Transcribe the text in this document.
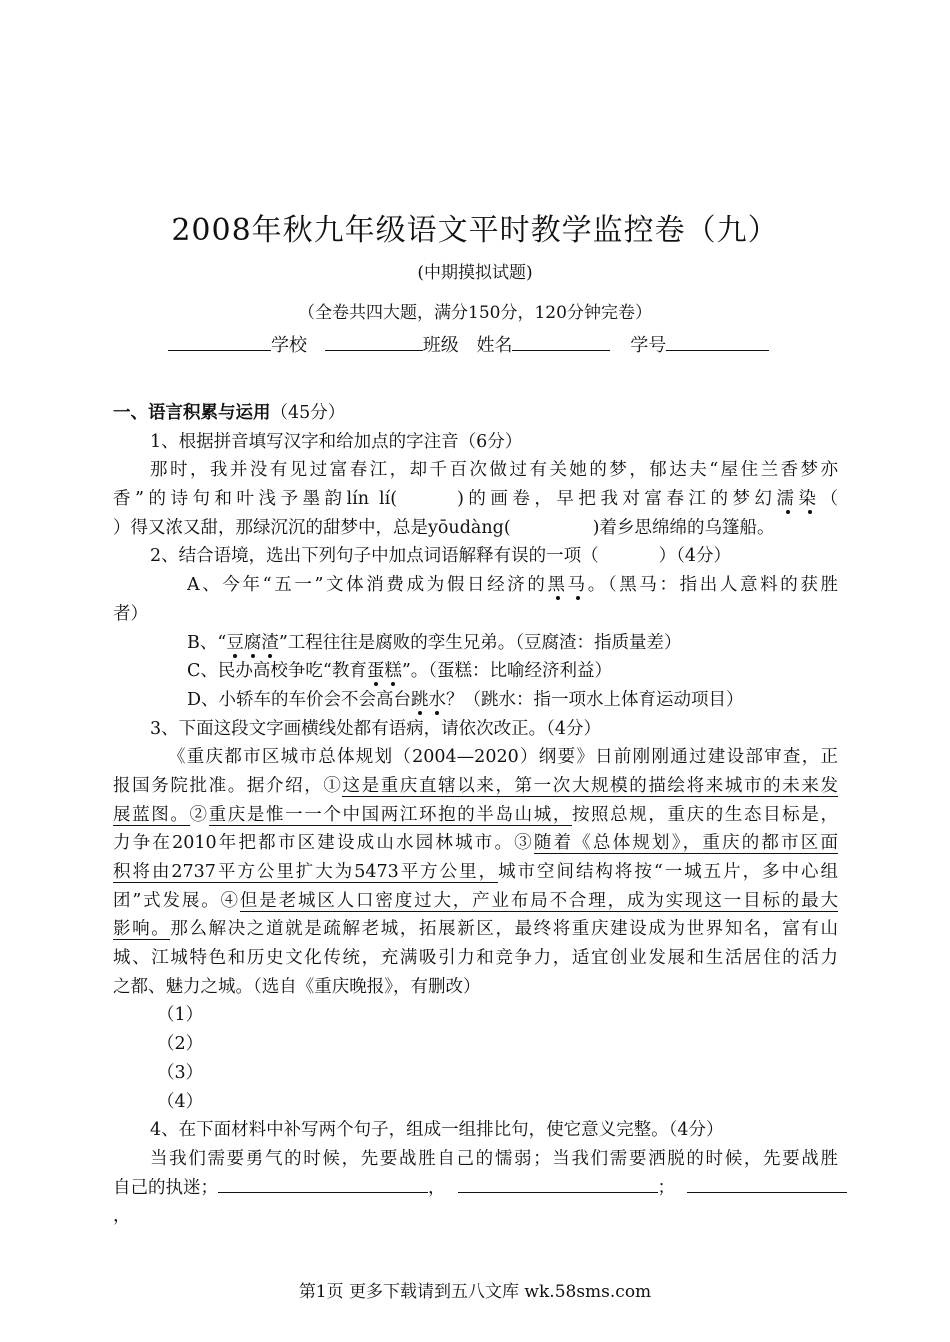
2008年秋九年级语文平时教学监控卷（九）
(中期摸拟试题)
（全卷共四大题，满分150分，120分钟完卷）
学校	班级 姓名	学号
一、语言积累与运用（45分）
1、根据拼音填写汉字和给加点的字注音（6分）
那时，我并没有见过富春江，却千百次做过有关她的梦，郁达夫“屋住兰香梦亦
香”的诗句和叶浅予墨韵lín lí(	)的画卷，早把我对富春江的梦幻濡染（
）得又浓又甜，那绿沉沉的甜梦中，总是yōudàng(	)着乡思绵绵的乌篷船。
2、结合语境，选出下列句子中加点词语解释有误的一项（	）（4分）
A、今年“五一”文体消费成为假日经济的黑马。（黑马：指出人意料的获胜
者）
B、“豆腐渣”工程往往是腐败的孪生兄弟。（豆腐渣：指质量差）
C、民办高校争吃“教育蛋糕”。（蛋糕：比喻经济利益）
D、小轿车的车价会不会高台跳水？（跳水：指一项水上体育运动项目）
3、下面这段文字画横线处都有语病，请依次改正。（4分）
《重庆都市区城市总体规划（2004—2020）纲要》日前刚刚通过建设部审查，正
报国务院批准。据介绍，①这是重庆直辖以来，第一次大规模的描绘将来城市的未来发
展蓝图。②重庆是惟一一个中国两江环抱的半岛山城，按照总规，重庆的生态目标是，
力争在2010年把都市区建设成山水园林城市。③随着《总体规划》，重庆的都市区面
积将由2737平方公里扩大为5473平方公里，城市空间结构将按“一城五片，多中心组
团”式发展。④但是老城区人口密度过大，产业布局不合理，成为实现这一目标的最大
影响。那么解决之道就是疏解老城，拓展新区，最终将重庆建设成为世界知名，富有山
城、江城特色和历史文化传统，充满吸引力和竞争力，适宜创业发展和生活居住的活力
之都、魅力之城。（选自《重庆晚报》，有删改）
（1）
（2）
（3）
（4）
4、在下面材料中补写两个句子，组成一组排比句，使它意义完整。（4分）
当我们需要勇气的时候，先要战胜自己的懦弱；当我们需要洒脱的时候，先要战胜
自己的执迷；	，	；
，
第1页 更多下载请到五八文库 wk.58sms.com
